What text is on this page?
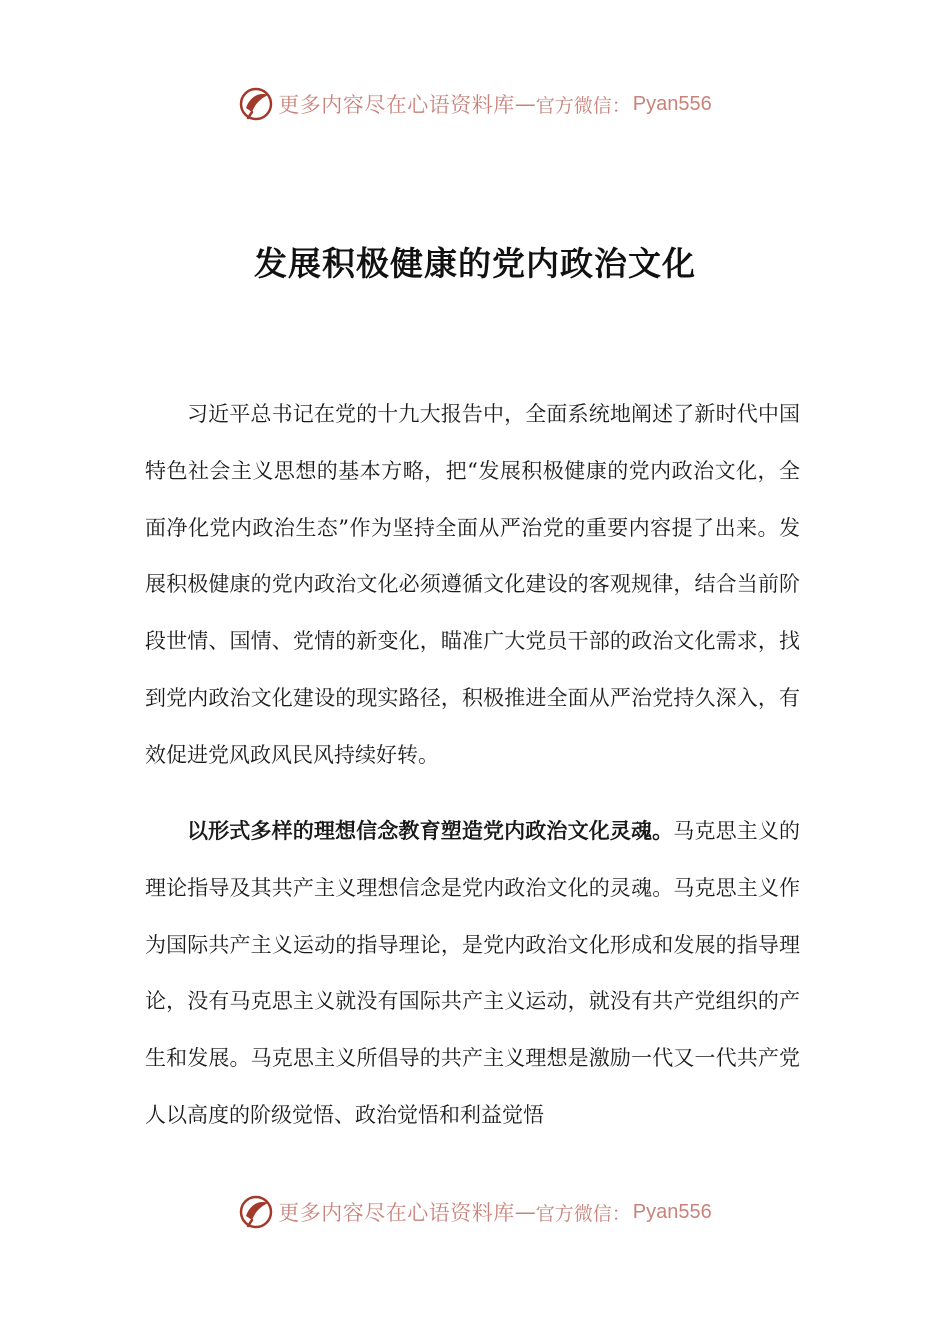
更多内容尽在心语资料库 — 官方微信： Pyan556
发展积极健康的党内政治文化

习近平总书记在党的十九大报告中，全面系统地阐述了新时代中国特色社会主义思想的基本方略，把“发展积极健康的党内政治文化，全面净化党内政治生态”作为坚持全面从严治党的重要内容提了出来。发展积极健康的党内政治文化必须遵循文化建设的客观规律，结合当前阶段世情、国情、党情的新变化，瞄准广大党员干部的政治文化需求，找到党内政治文化建设的现实路径，积极推进全面从严治党持久深入，有效促进党风政风民风持续好转。

以形式多样的理想信念教育塑造党内政治文化灵魂。马克思主义的理论指导及其共产主义理想信念是党内政治文化的灵魂。马克思主义作为国际共产主义运动的指导理论，是党内政治文化形成和发展的指导理论，没有马克思主义就没有国际共产主义运动，就没有共产党组织的产生和发展。马克思主义所倡导的共产主义理想是激励一代又一代共产党人以高度的阶级觉悟、政治觉悟和利益觉悟

更多内容尽在心语资料库 — 官方微信： Pyan556
